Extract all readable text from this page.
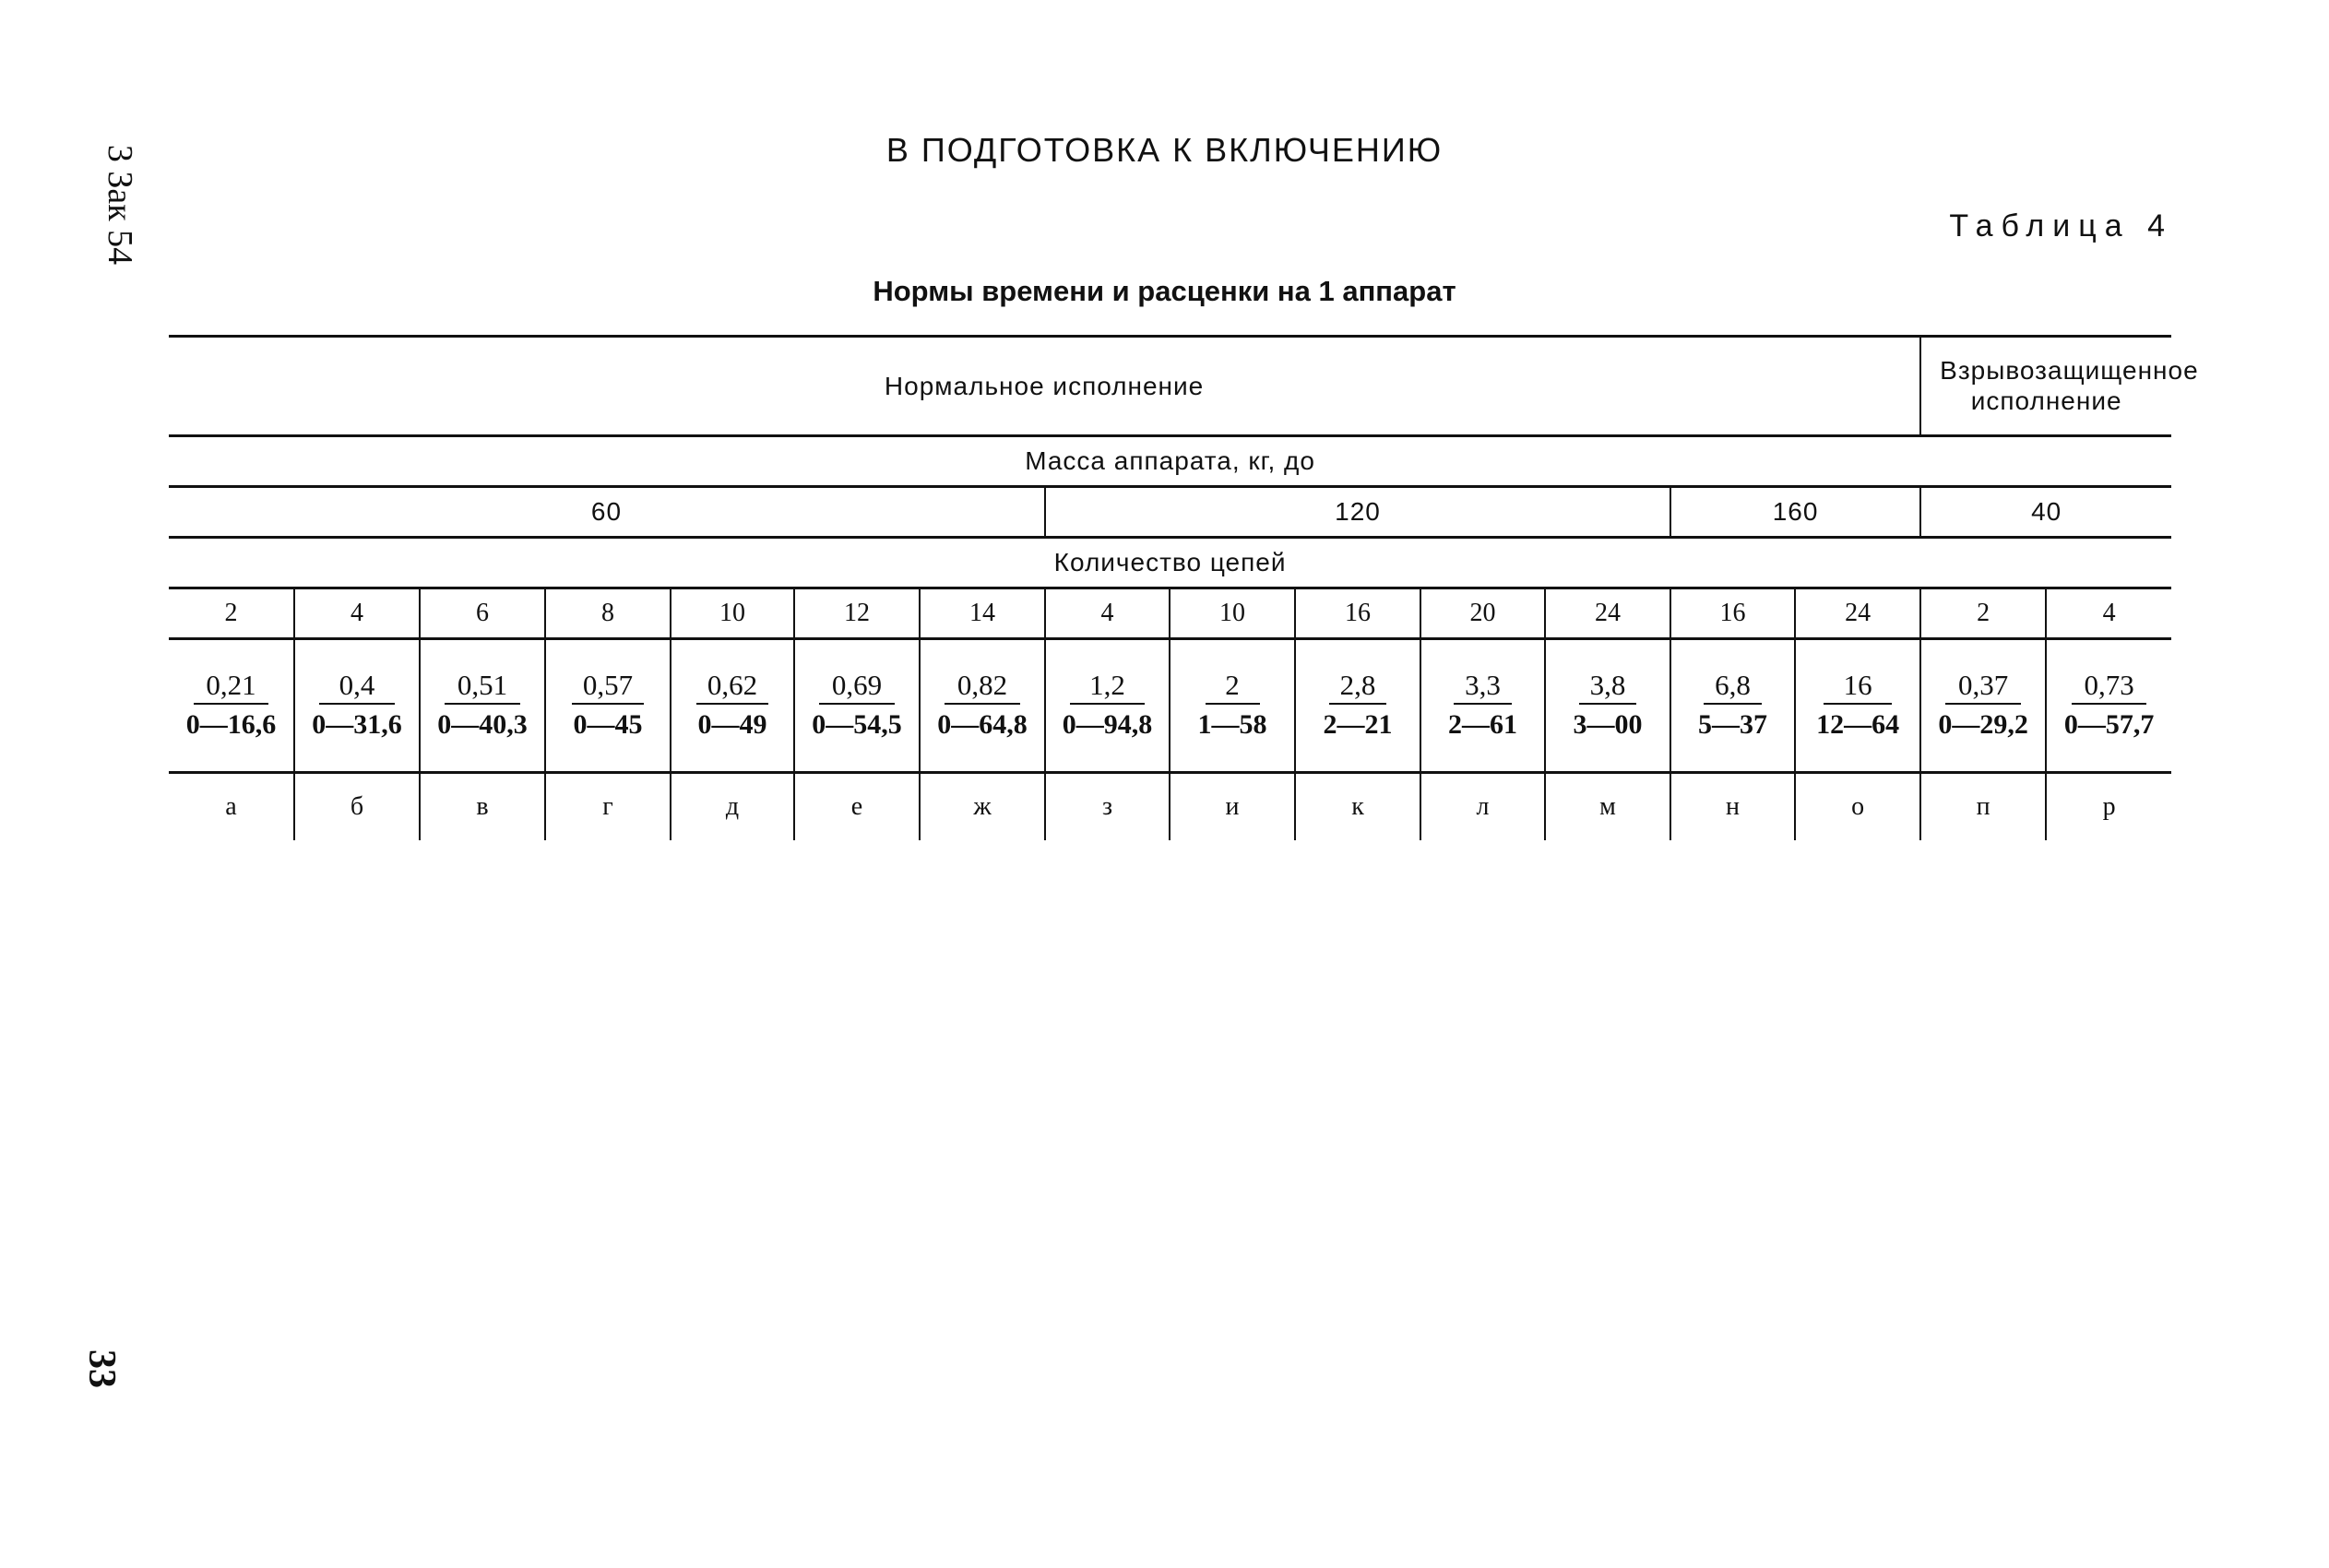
3 Зак 54
33
В ПОДГОТОВКА К ВКЛЮЧЕНИЮ
Таблица 4
Нормы времени и расценки на 1 аппарат
Нормальное исполнение														Взрывозащищенное исполнение	
Масса аппарата, кг, до															
60							120					160		40	
Количество цепей															
2	4	6	8	10	12	14	4	10	16	20	24	16	24	2	4

$\frac{0,21}{0—16,6}$	$\frac{0,4}{0—31,6}$	$\frac{0,51}{0—40,3}$	$\frac{0,57}{0—45}$	$\frac{0,62}{0—49}$	$\frac{0,69}{0—54,5}$	$\frac{0,82}{0—64,8}$	$\frac{1,2}{0—94,8}$	$\frac{2}{1—58}$	$\frac{2,8}{2—21}$	$\frac{3,3}{2—61}$	$\frac{3,8}{3—00}$	$\frac{6,8}{5—37}$	$\frac{16}{12—64}$	$\frac{0,37}{0—29,2}$	$\frac{0,73}{0—57,7}$

а	б	в	г	д	е	ж	з	и	к	л	м	н	о	п	р
